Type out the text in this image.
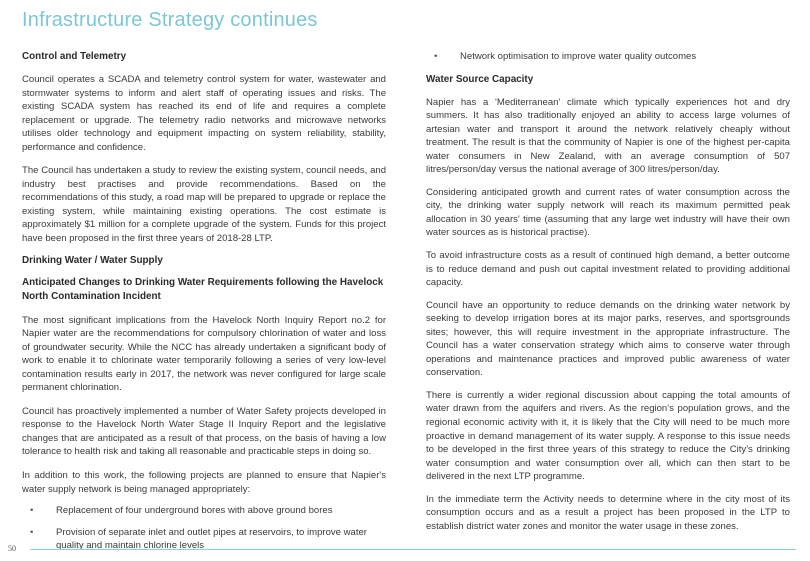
Infrastructure Strategy continues
Control and Telemetry

Council operates a SCADA and telemetry control system for water, wastewater and stormwater systems to inform and alert staff of operating issues and risks. The existing SCADA system has reached its end of life and requires a complete replacement or upgrade. The telemetry radio networks and microwave networks utilises older technology and equipment impacting on system reliability, stability, performance and confidence.

The Council has undertaken a study to review the existing system, council needs, and industry best practises and provide recommendations. Based on the recommendations of this study, a road map will be prepared to upgrade or replace the existing system, while maintaining existing operations. The cost estimate is approximately $1 million for a complete upgrade of the system. Funds for this project have been proposed in the first three years of 2018-28 LTP.

Drinking Water / Water Supply
Anticipated Changes to Drinking Water Requirements following the Havelock North Contamination Incident

The most significant implications from the Havelock North Inquiry Report no.2 for Napier water are the recommendations for compulsory chlorination of water and loss of groundwater security. While the NCC has already undertaken a significant body of work to enable it to chlorinate water temporarily following a series of very low-level contamination results early in 2017, the network was never configured for large scale permanent chlorination.

Council has proactively implemented a number of Water Safety projects developed in response to the Havelock North Water Stage II Inquiry Report and the legislative changes that are anticipated as a result of that process, on the basis of having a low tolerance to health risk and taking all reasonable and practicable steps in doing so.

In addition to this work, the following projects are planned to ensure that Napier's water supply network is being managed appropriately:

• Replacement of four underground bores with above ground bores
• Provision of separate inlet and outlet pipes at reservoirs, to improve water quality and maintain chlorine levels
• Network optimisation to improve water quality outcomes
Water Source Capacity

Napier has a 'Mediterranean' climate which typically experiences hot and dry summers. It has also traditionally enjoyed an ability to access large volumes of artesian water and transport it around the network relatively cheaply without treatment. The result is that the community of Napier is one of the highest per-capita water consumers in New Zealand, with an average consumption of 507 litres/person/day versus the national average of 300 litres/person/day.

Considering anticipated growth and current rates of water consumption across the city, the drinking water supply network will reach its maximum permitted peak allocation in 30 years' time (assuming that any large wet industry will have their own water sources as is historical practise).

To avoid infrastructure costs as a result of continued high demand, a better outcome is to reduce demand and push out capital investment related to providing additional capacity.

Council have an opportunity to reduce demands on the drinking water network by seeking to develop irrigation bores at its major parks, reserves, and sportsgrounds sites; however, this will require investment in the appropriate infrastructure. The Council has a water conservation strategy which aims to conserve water through operations and maintenance practices and improved public awareness of water conservation.

There is currently a wider regional discussion about capping the total amounts of water drawn from the aquifers and rivers. As the region's population grows, and the regional economic activity with it, it is likely that the City will need to be much more proactive in demand management of its water supply. A response to this issue needs to be developed in the first three years of this strategy to reduce the City's drinking water consumption and water consumption over all, which can then start to be delivered in the next LTP programme.

In the immediate term the Activity needs to determine where in the city most of its consumption occurs and as a result a project has been proposed in the LTP to establish district water zones and monitor the water usage in these zones.

50
